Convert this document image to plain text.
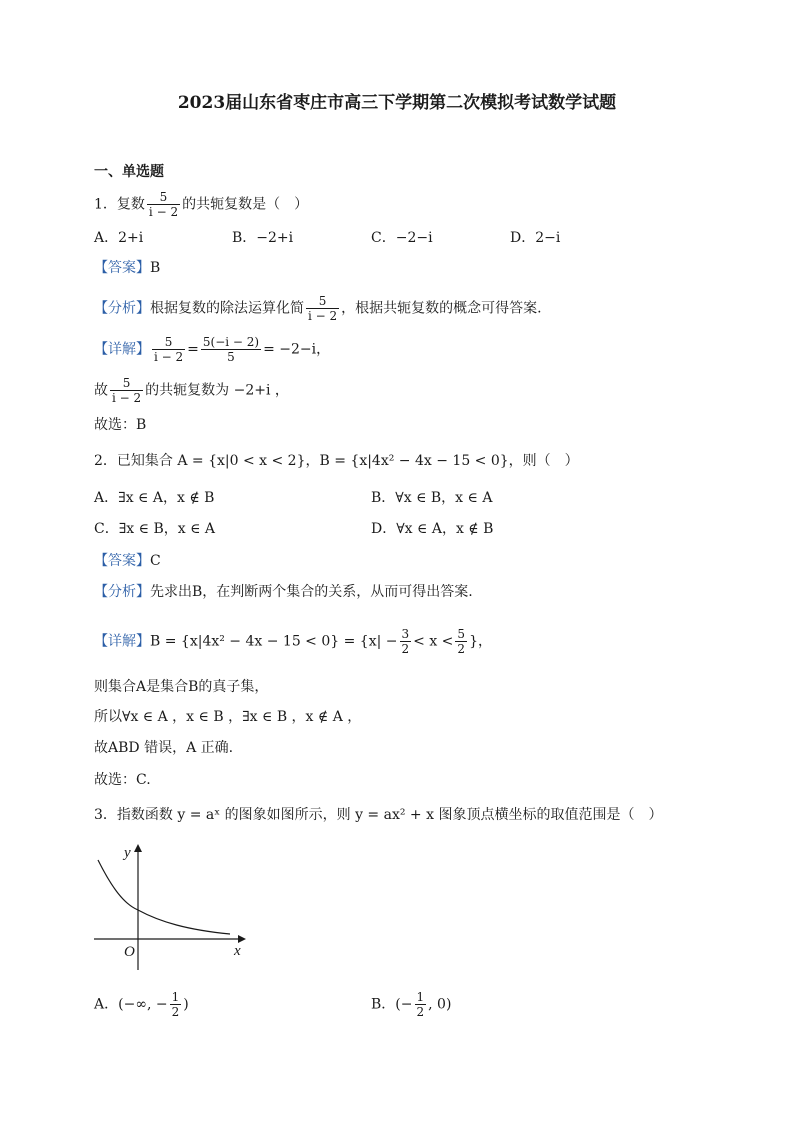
2023届山东省枣庄市高三下学期第二次模拟考试数学试题
一、单选题
1．复数 $\frac{5}{i - 2}$ 的共轭复数是（　）
A．2+i	B．−2+i	C．−2−i	D．2−i
【答案】B
【分析】根据复数的除法运算化简 $\frac{5}{i - 2}$ ，根据共轭复数的概念可得答案.
【详解】 $\frac{5}{i - 2} = \frac{5(-i - 2)}{5} = -2-i$，
故 $\frac{5}{i - 2}$ 的共轭复数为 −2+i ，
故选：B
2．已知集合 A = {x|0 < x < 2}，B = {x|4x² − 4x − 15 < 0}，则（　）
A．∃x ∈ A，x ∉ B	B．∀x ∈ B，x ∈ A
C．∃x ∈ B，x ∈ A	D．∀x ∈ A，x ∉ B
【答案】C
【分析】先求出B，在判断两个集合的关系，从而可得出答案.
【详解】$B = \{x|4x^2 - 4x - 15 < 0\} = \{x| - \frac{3}{2} < x < \frac{5}{2}$ }，
则集合A是集合B的真子集，
所以∀x ∈ A ，x ∈ B ，∃x ∈ B ，x ∉ A ，
故ABD 错误，A 正确.
故选：C.
3．指数函数 y = aˣ 的图象如图所示，则 y = ax² + x 图象顶点横坐标的取值范围是（　）
y
x
O
A．(−∞, − $\frac{1}{2}$ )	B．(− $\frac{1}{2}$ , 0)
